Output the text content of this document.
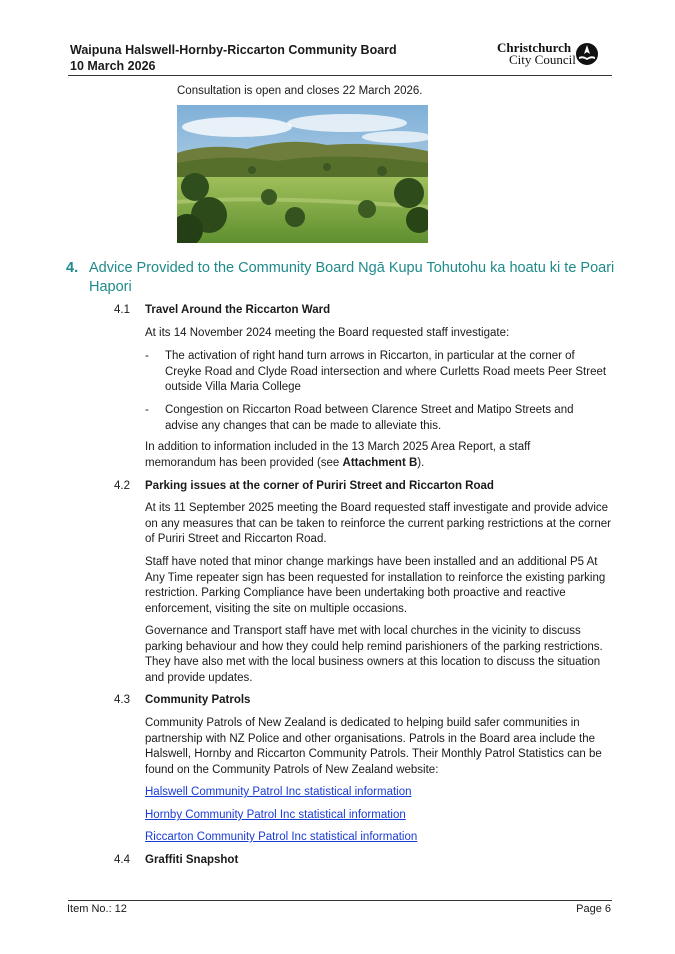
Waipuna Halswell-Hornby-Riccarton Community Board
10 March 2026
Christchurch
City Council
Consultation is open and closes 22 March 2026.
4. Advice Provided to the Community Board Ngā Kupu Tohutohu ka hoatu ki te Poari Hapori
4.1 Travel Around the Riccarton Ward
At its 14 November 2024 meeting the Board requested staff investigate:
- The activation of right hand turn arrows in Riccarton, in particular at the corner of Creyke Road and Clyde Road intersection and where Curletts Road meets Peer Street outside Villa Maria College
- Congestion on Riccarton Road between Clarence Street and Matipo Streets and advise any changes that can be made to alleviate this.
In addition to information included in the 13 March 2025 Area Report, a staff memorandum has been provided (see Attachment B).
4.2 Parking issues at the corner of Puriri Street and Riccarton Road
At its 11 September 2025 meeting the Board requested staff investigate and provide advice on any measures that can be taken to reinforce the current parking restrictions at the corner of Puriri Street and Riccarton Road.
Staff have noted that minor change markings have been installed and an additional P5 At Any Time repeater sign has been requested for installation to reinforce the existing parking restriction. Parking Compliance have been undertaking both proactive and reactive enforcement, visiting the site on multiple occasions.
Governance and Transport staff have met with local churches in the vicinity to discuss parking behaviour and how they could help remind parishioners of the parking restrictions. They have also met with the local business owners at this location to discuss the situation and provide updates.
4.3 Community Patrols
Community Patrols of New Zealand is dedicated to helping build safer communities in partnership with NZ Police and other organisations. Patrols in the Board area include the Halswell, Hornby and Riccarton Community Patrols. Their Monthly Patrol Statistics can be found on the Community Patrols of New Zealand website:
Halswell Community Patrol Inc statistical information
Hornby Community Patrol Inc statistical information
Riccarton Community Patrol Inc statistical information
4.4 Graffiti Snapshot
Item No.: 12	Page 6
